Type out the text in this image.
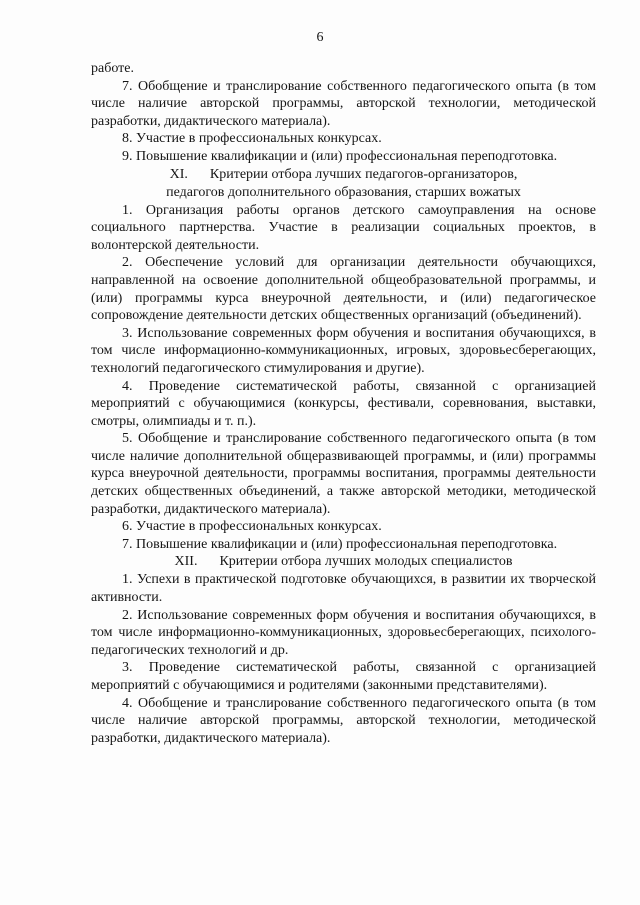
6

работе.

7. Обобщение и транслирование собственного педагогического опыта (в том числе наличие авторской программы, авторской технологии, методической разработки, дидактического материала).

8. Участие в профессиональных конкурсах.

9. Повышение квалификации и (или) профессиональная переподготовка.

XI. Критерии отбора лучших педагогов-организаторов,
педагогов дополнительного образования, старших вожатых

1. Организация работы органов детского самоуправления на основе социального партнерства. Участие в реализации социальных проектов, в волонтерской деятельности.

2. Обеспечение условий для организации деятельности обучающихся, направленной на освоение дополнительной общеобразовательной программы, и (или) программы курса внеурочной деятельности, и (или) педагогическое сопровождение деятельности детских общественных организаций (объединений).

3. Использование современных форм обучения и воспитания обучающихся, в том числе информационно-коммуникационных, игровых, здоровьесберегающих, технологий педагогического стимулирования и другие).

4. Проведение систематической работы, связанной с организацией мероприятий с обучающимися (конкурсы, фестивали, соревнования, выставки, смотры, олимпиады и т. п.).

5. Обобщение и транслирование собственного педагогического опыта (в том числе наличие дополнительной общеразвивающей программы, и (или) программы курса внеурочной деятельности, программы воспитания, программы деятельности детских общественных объединений, а также авторской методики, методической разработки, дидактического материала).

6. Участие в профессиональных конкурсах.

7. Повышение квалификации и (или) профессиональная переподготовка.

XII. Критерии отбора лучших молодых специалистов

1. Успехи в практической подготовке обучающихся, в развитии их творческой активности.

2. Использование современных форм обучения и воспитания обучающихся, в том числе информационно-коммуникационных, здоровьесберегающих, психолого-педагогических технологий и др.

3. Проведение систематической работы, связанной с организацией мероприятий с обучающимися и родителями (законными представителями).

4. Обобщение и транслирование собственного педагогического опыта (в том числе наличие авторской программы, авторской технологии, методической разработки, дидактического материала).
